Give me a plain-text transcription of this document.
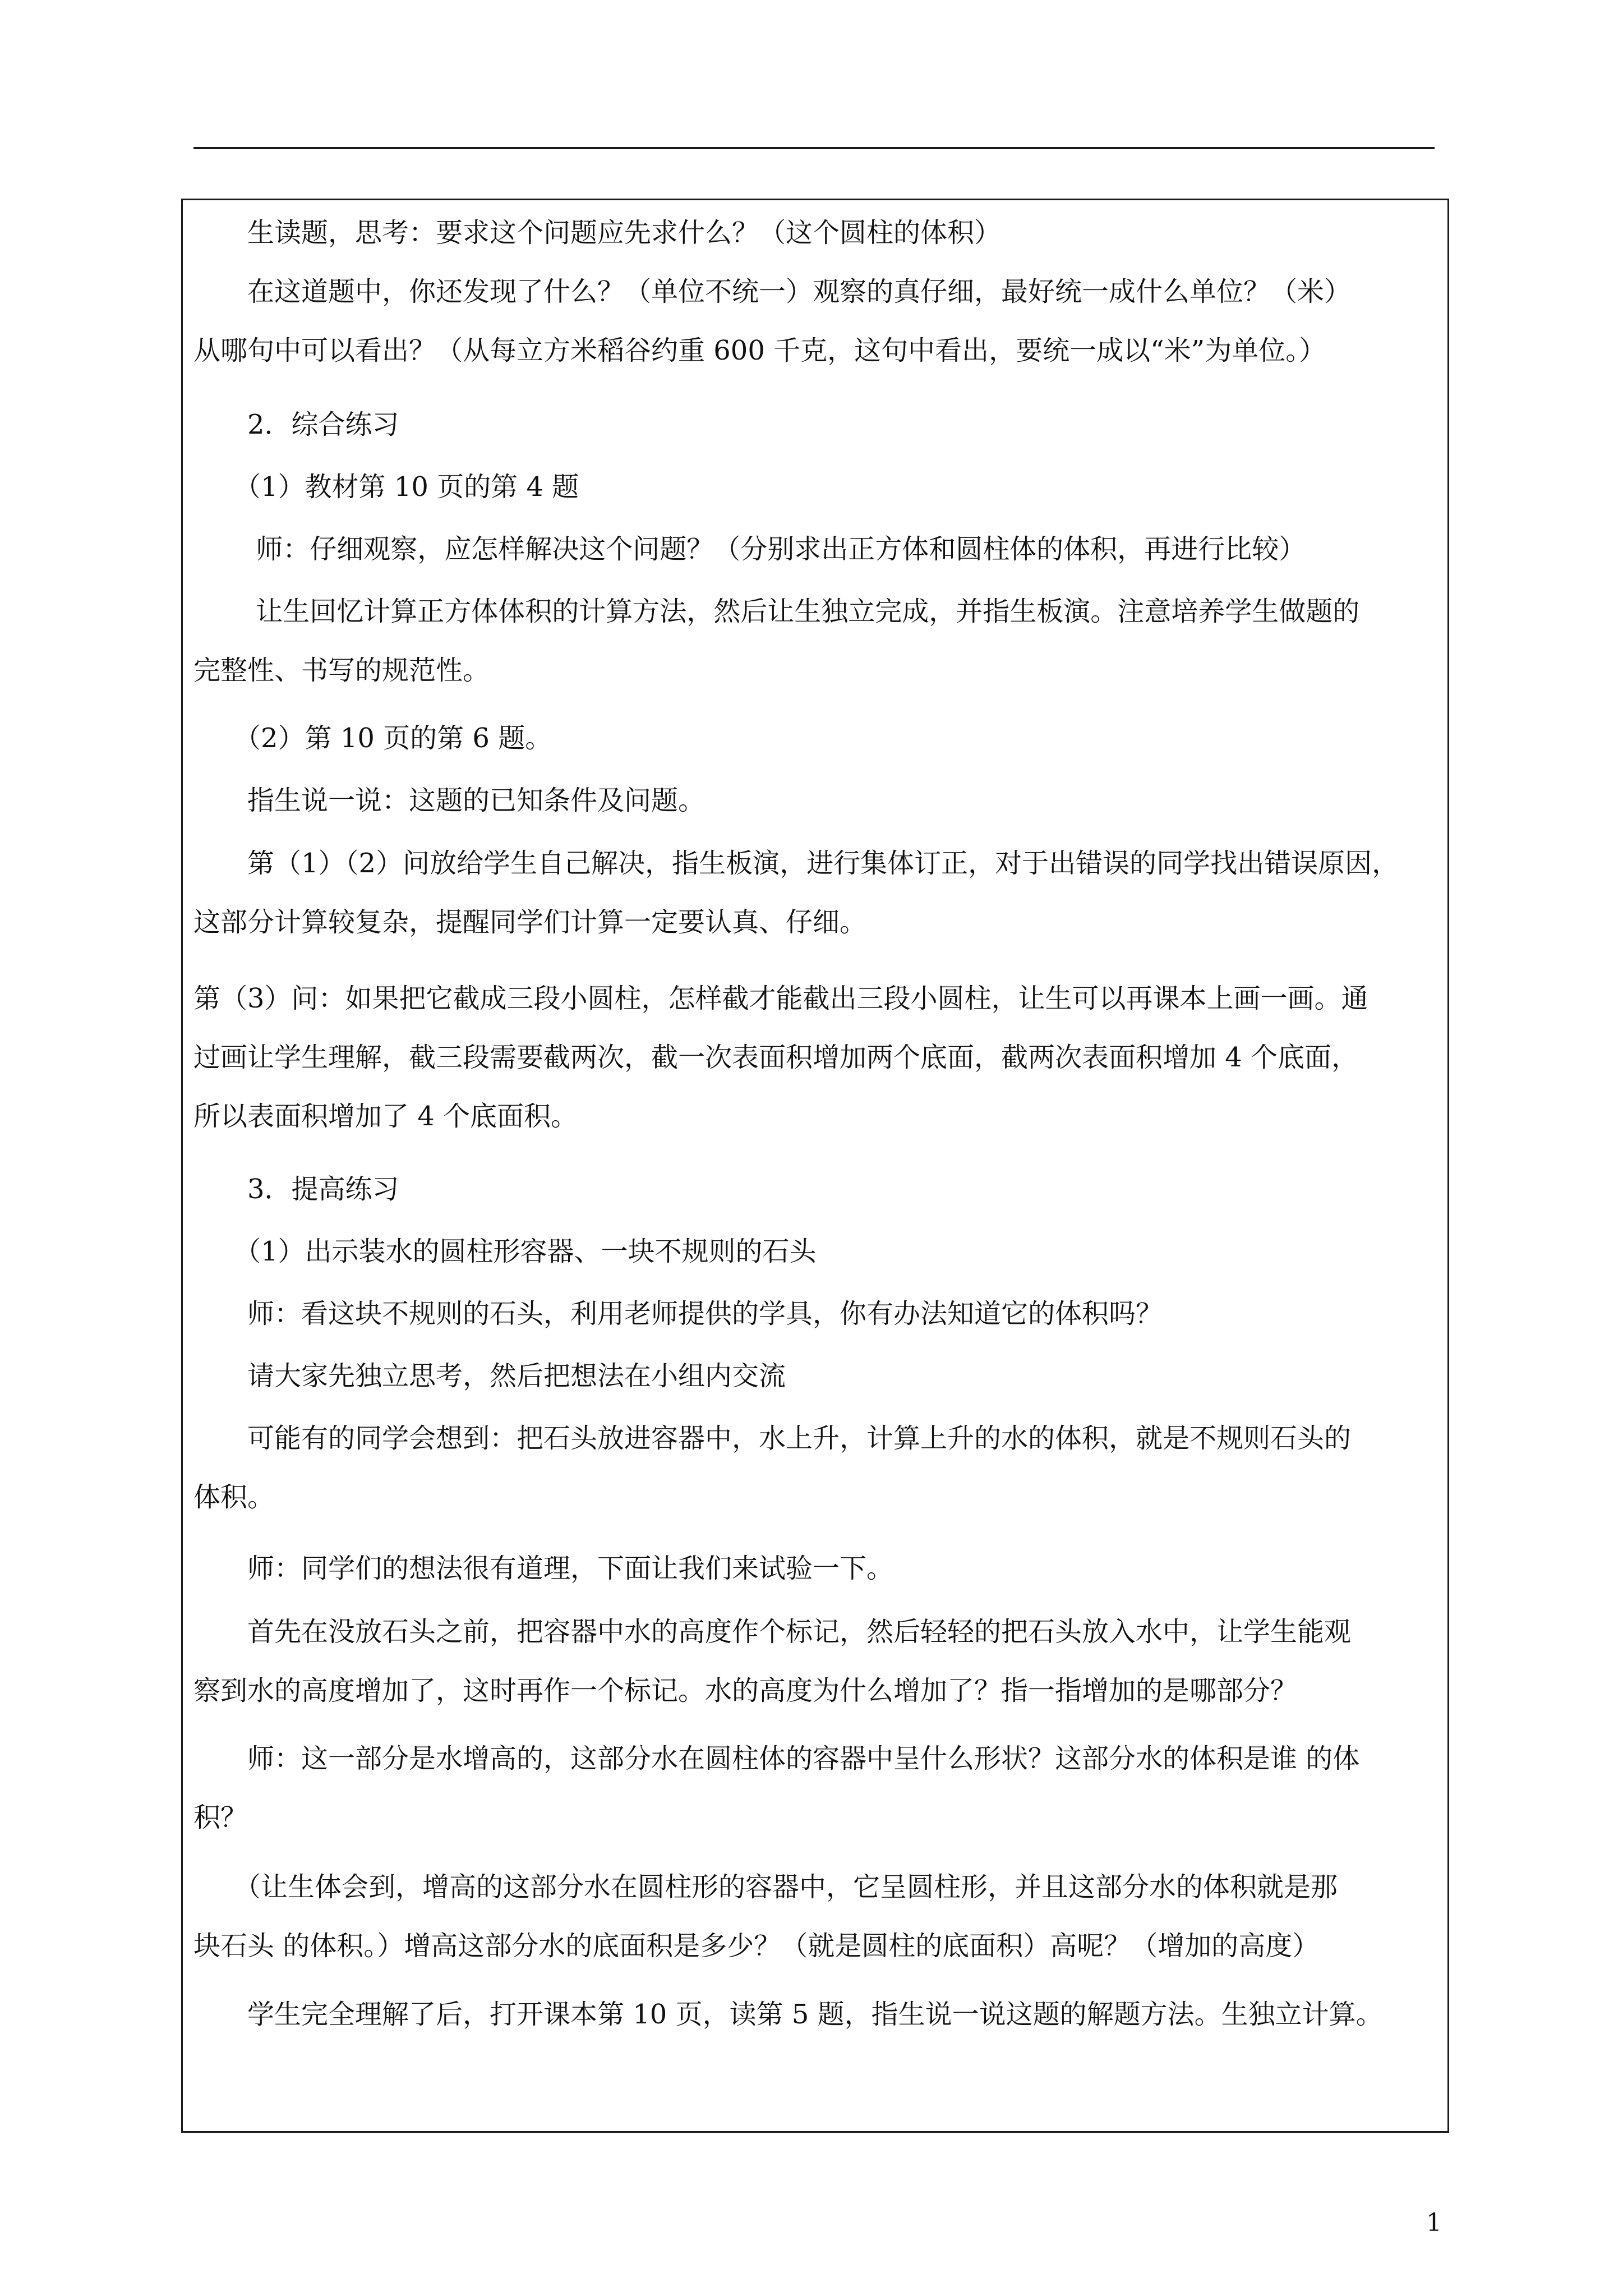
　　生读题，思考：要求这个问题应先求什么？（这个圆柱的体积）
　　在这道题中，你还发现了什么？（单位不统一）观察的真仔细，最好统一成什么单位？（米）
从哪句中可以看出？（从每立方米稻谷约重 600 千克，这句中看出，要统一成以“米”为单位。）
　　2．综合练习
　　（1）教材第 10 页的第 4 题
　　 师：仔细观察，应怎样解决这个问题？（分别求出正方体和圆柱体的体积，再进行比较）
　　 让生回忆计算正方体体积的计算方法，然后让生独立完成，并指生板演。注意培养学生做题的
完整性、书写的规范性。
　　（2）第 10 页的第 6 题。
　　指生说一说：这题的已知条件及问题。
　　第（1）（2）问放给学生自己解决，指生板演，进行集体订正，对于出错误的同学找出错误原因，
这部分计算较复杂，提醒同学们计算一定要认真、仔细。
第（3）问：如果把它截成三段小圆柱，怎样截才能截出三段小圆柱，让生可以再课本上画一画。通
过画让学生理解，截三段需要截两次，截一次表面积增加两个底面，截两次表面积增加 4 个底面，
所以表面积增加了 4 个底面积。
　　3．提高练习
　　（1）出示装水的圆柱形容器、一块不规则的石头
　　师：看这块不规则的石头，利用老师提供的学具，你有办法知道它的体积吗？
　　请大家先独立思考，然后把想法在小组内交流
　　可能有的同学会想到：把石头放进容器中，水上升，计算上升的水的体积，就是不规则石头的
体积。
　　师：同学们的想法很有道理，下面让我们来试验一下。
　　首先在没放石头之前，把容器中水的高度作个标记，然后轻轻的把石头放入水中，让学生能观
察到水的高度增加了，这时再作一个标记。水的高度为什么增加了？指一指增加的是哪部分？
　　师：这一部分是水增高的，这部分水在圆柱体的容器中呈什么形状？这部分水的体积是谁 的体
积？
　　（让生体会到，增高的这部分水在圆柱形的容器中，它呈圆柱形，并且这部分水的体积就是那
块石头 的体积。）增高这部分水的底面积是多少？（就是圆柱的底面积）高呢？（增加的高度）
　　学生完全理解了后，打开课本第 10 页，读第 5 题，指生说一说这题的解题方法。生独立计算。
1
